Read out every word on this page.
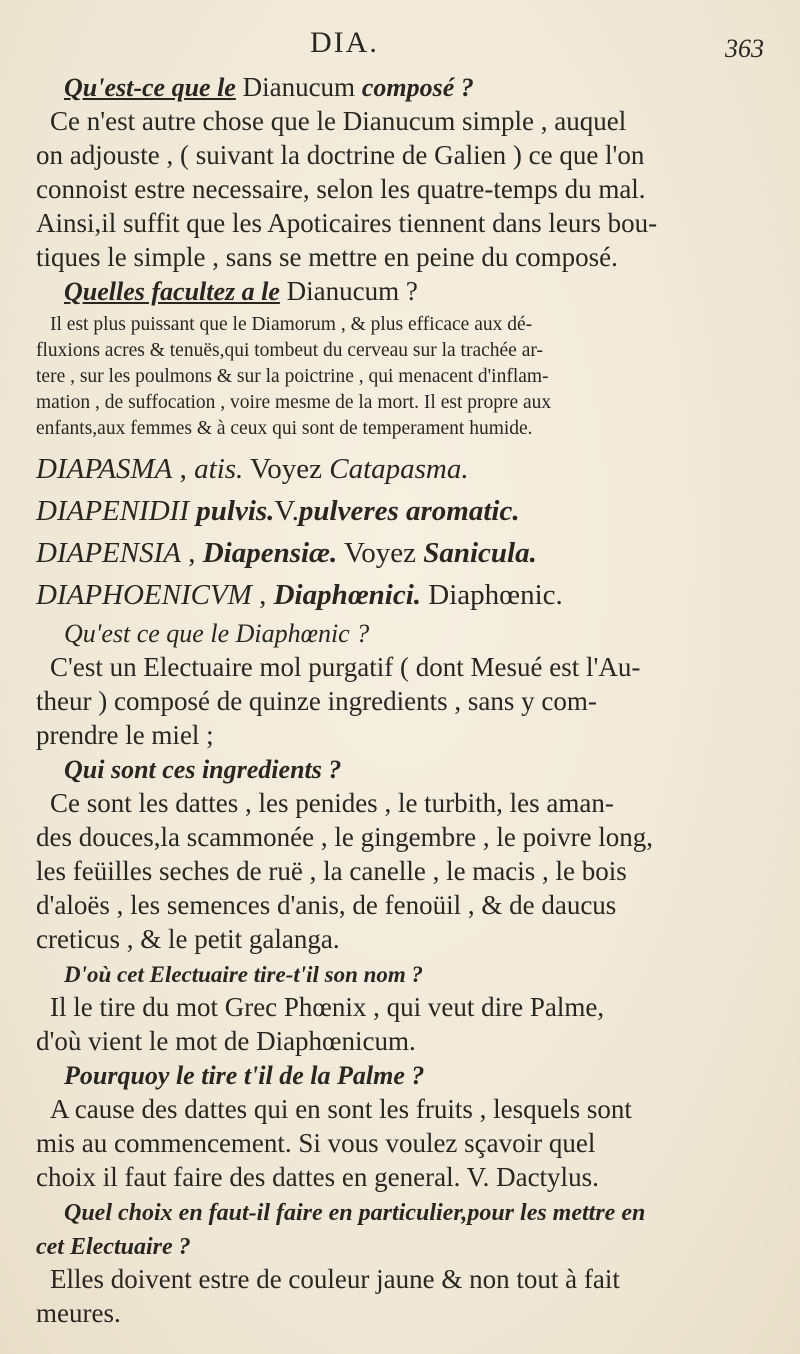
DIA.	363
Qu'est-ce que le Dianucum composé ?
Ce n'est autre chose que le Dianucum simple , auquel
on adjouste , ( suivant la doctrine de Galien ) ce que l'on
connoist estre necessaire, selon les quatre-temps du mal.
Ainsi,il suffit que les Apoticaires tiennent dans leurs bou-
tiques le simple , sans se mettre en peine du composé.
Quelles facultez a le Dianucum ?
Il est plus puissant que le Diamorum , & plus efficace aux dé-
fluxions acres & tenuës,qui tombeut du cerveau sur la trachée ar-
tere , sur les poulmons & sur la poictrine , qui menacent d'inflam-
mation , de suffocation , voire mesme de la mort. Il est propre aux
enfants,aux femmes & à ceux qui sont de temperament humide.
DIAPASMA , atis. Voyez Catapasma.
DIAPENIDII pulvis.V.pulveres aromatic.
DIAPENSIA , Diapensiæ. Voyez Sanicula.
DIAPHOENICVM , Diaphœnici. Diaphœnic.
Qu'est ce que le Diaphœnic ?
C'est un Electuaire mol purgatif ( dont Mesué est l'Au-
theur ) composé de quinze ingredients , sans y com-
prendre le miel ;
Qui sont ces ingredients ?
Ce sont les dattes , les penides , le turbith, les aman-
des douces,la scammonée , le gingembre , le poivre long,
les feüilles seches de ruë , la canelle , le macis , le bois
d'aloës , les semences d'anis, de fenoüil , & de daucus
creticus , & le petit galanga.
D'où cet Electuaire tire-t'il son nom ?
Il le tire du mot Grec Phœnix , qui veut dire Palme,
d'où vient le mot de Diaphœnicum.
Pourquoy le tire t'il de la Palme ?
A cause des dattes qui en sont les fruits , lesquels sont
mis au commencement. Si vous voulez sçavoir quel
choix il faut faire des dattes en general. V. Dactylus.
Quel choix en faut-il faire en particulier,pour les mettre en
cet Electuaire ?
Elles doivent estre de couleur jaune & non tout à fait
meures.
